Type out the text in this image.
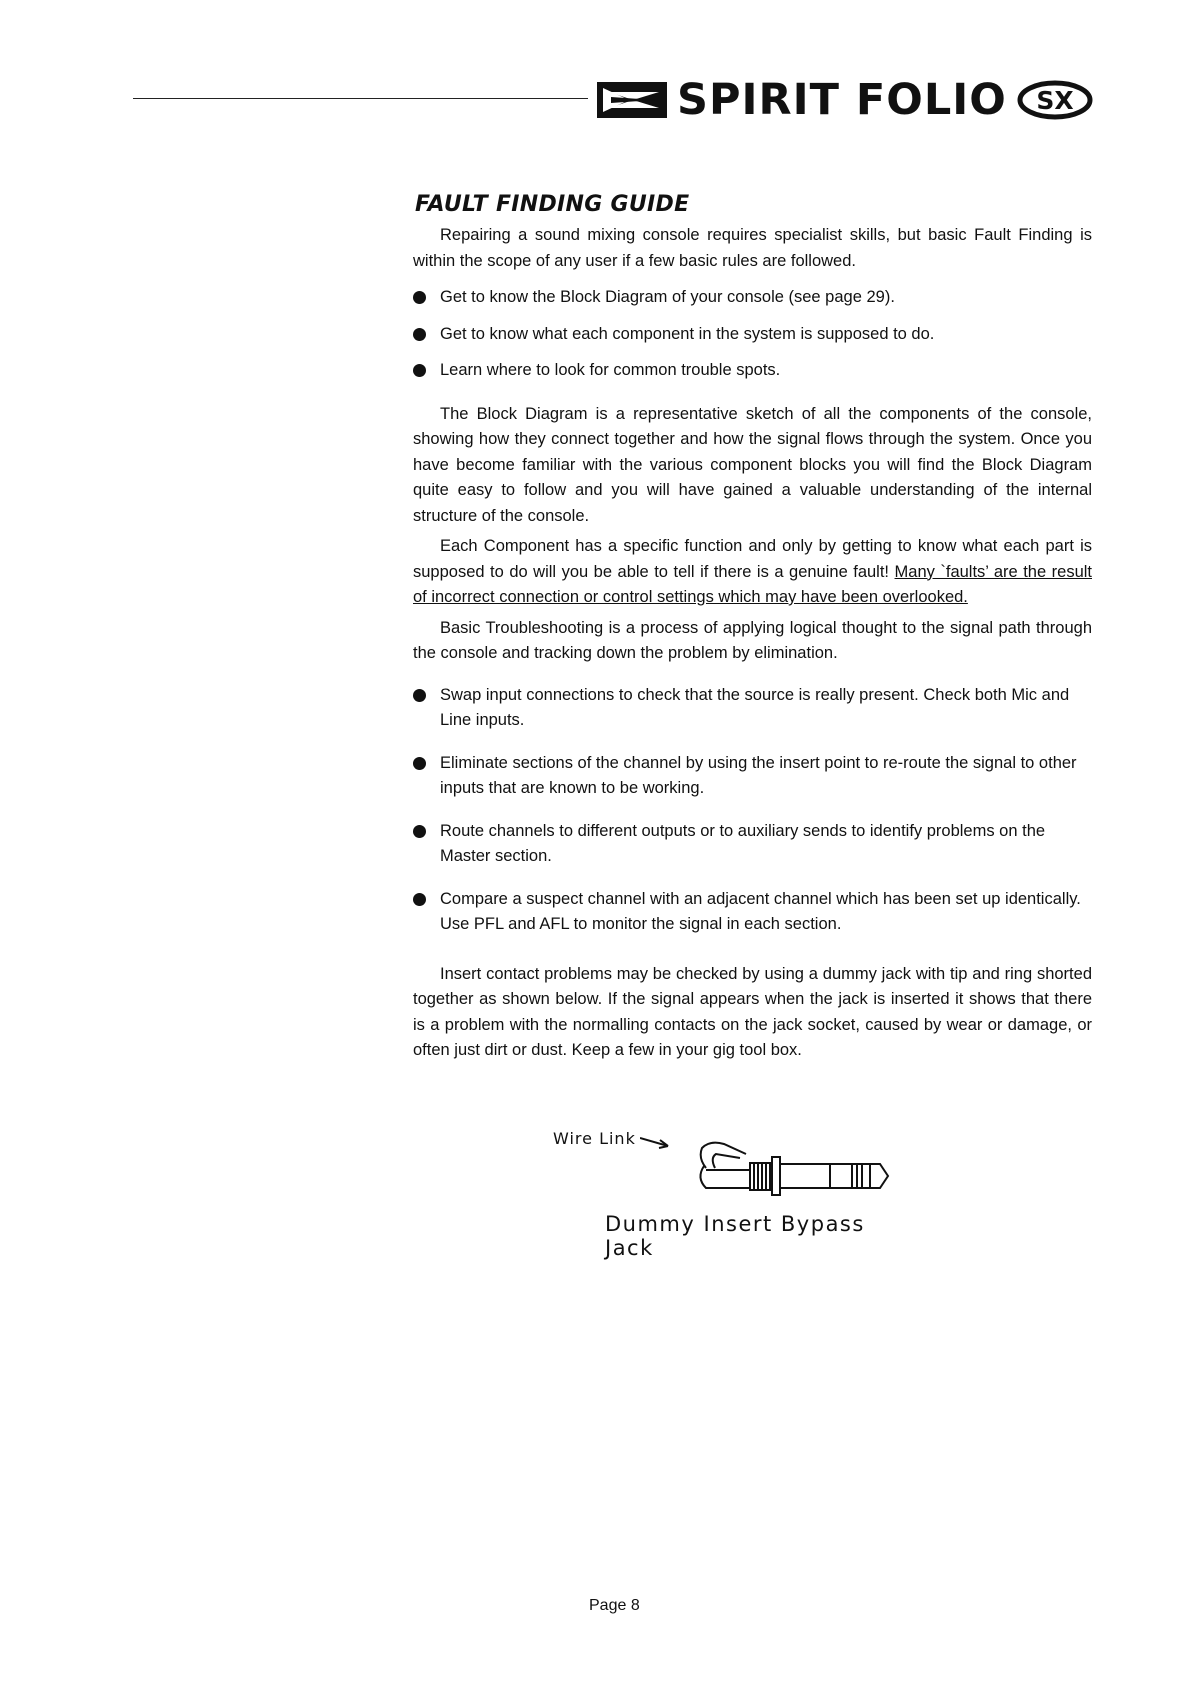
SPIRIT FOLIO SX
FAULT FINDING GUIDE

Repairing a sound mixing console requires specialist skills, but basic Fault Finding is within the scope of any user if a few basic rules are followed.

Get to know the Block Diagram of your console (see page 29).
Get to know what each component in the system is supposed to do.
Learn where to look for common trouble spots.

The Block Diagram is a representative sketch of all the components of the console, showing how they connect together and how the signal flows through the system. Once you have become familiar with the various component blocks you will find the Block Diagram quite easy to follow and you will have gained a valuable understanding of the internal structure of the console.

Each Component has a specific function and only by getting to know what each part is supposed to do will you be able to tell if there is a genuine fault! Many `faults’ are the result of incorrect connection or control settings which may have been overlooked.

Basic Troubleshooting is a process of applying logical thought to the signal path through the console and tracking down the problem by elimination.

Swap input connections to check that the source is really present. Check both Mic and Line inputs.
Eliminate sections of the channel by using the insert point to re-route the signal to other inputs that are known to be working.
Route channels to different outputs or to auxiliary sends to identify problems on the Master section.
Compare a suspect channel with an adjacent channel which has been set up identically. Use PFL and AFL to monitor the signal in each section.

Insert contact problems may be checked by using a dummy jack with tip and ring shorted together as shown below. If the signal appears when the jack is inserted it shows that there is a problem with the normalling contacts on the jack socket, caused by wear or damage, or often just dirt or dust. Keep a few in your gig tool box.

Wire Link
Dummy Insert Bypass Jack
Page 8
